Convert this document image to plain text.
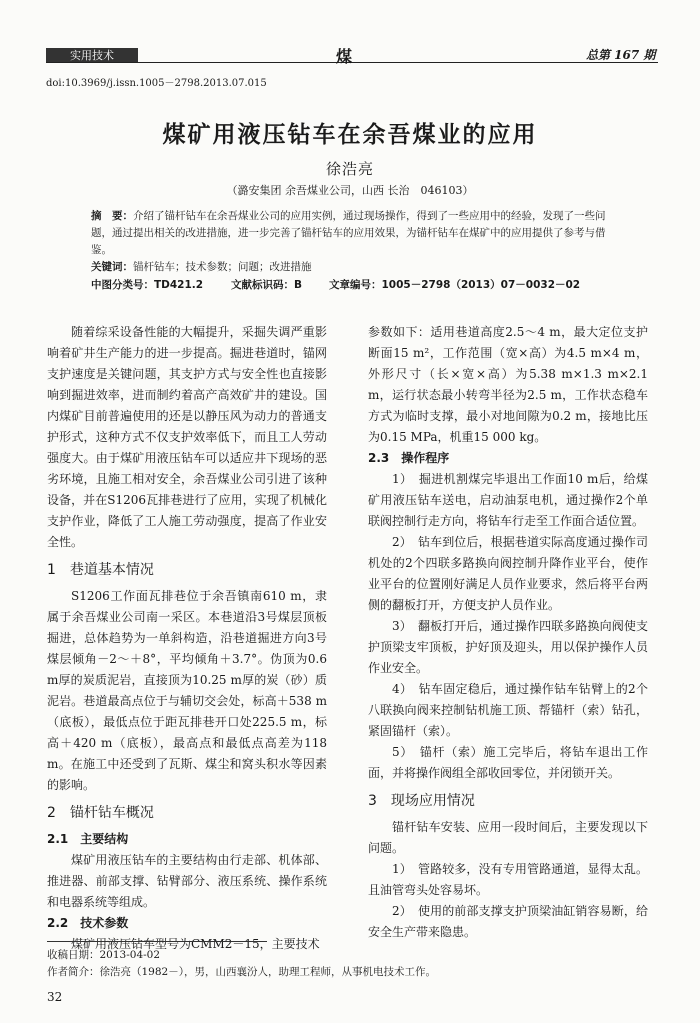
实用技术	煤	总第 167 期
doi:10.3969/j.issn.1005－2798.2013.07.015
煤矿用液压钻车在余吾煤业的应用
徐浩亮
（潞安集团 余吾煤业公司，山西 长治　046103）
摘　要：介绍了锚杆钻车在余吾煤业公司的应用实例，通过现场操作，得到了一些应用中的经验，发现了一些问题，通过提出相关的改进措施，进一步完善了锚杆钻车的应用效果，为锚杆钻车在煤矿中的应用提供了参考与借鉴。
关键词：锚杆钻车；技术参数；问题；改进措施
中图分类号：TD421.2	文献标识码：B	文章编号：1005－2798（2013）07－0032－02

随着综采设备性能的大幅提升，采掘失调严重影响着矿井生产能力的进一步提高。掘进巷道时，锚网支护速度是关键问题，其支护方式与安全性也直接影响到掘进效率，进而制约着高产高效矿井的建设。国内煤矿目前普遍使用的还是以静压风为动力的普通支护形式，这种方式不仅支护效率低下，而且工人劳动强度大。由于煤矿用液压钻车可以适应井下现场的恶劣环境，且施工相对安全，余吾煤业公司引进了该种设备，并在S1206瓦排巷进行了应用，实现了机械化支护作业，降低了工人施工劳动强度，提高了作业安全性。

1　巷道基本情况

S1206工作面瓦排巷位于余吾镇南610 m，隶属于余吾煤业公司南一采区。本巷道沿3号煤层顶板掘进，总体趋势为一单斜构造，沿巷道掘进方向3号煤层倾角－2～＋8°，平均倾角＋3.7°。伪顶为0.6 m厚的炭质泥岩，直接顶为10.25 m厚的炭（砂）质泥岩。巷道最高点位于与辅切交会处，标高＋538 m（底板），最低点位于距瓦排巷开口处225.5 m，标高＋420 m（底板），最高点和最低点高差为118 m。在施工中还受到了瓦斯、煤尘和窝头积水等因素的影响。

2　锚杆钻车概况
2.1　主要结构

煤矿用液压钻车的主要结构由行走部、机体部、推进器、前部支撑、钻臂部分、液压系统、操作系统和电器系统等组成。

2.2　技术参数

煤矿用液压钻车型号为CMM2－15，主要技术

参数如下：适用巷道高度2.5～4 m，最大定位支护断面15 m²，工作范围（宽×高）为4.5 m×4 m，外形尺寸（长×宽×高）为5.38 m×1.3 m×2.1 m，运行状态最小转弯半径为2.5 m，工作状态稳车方式为临时支撑，最小对地间隙为0.2 m，接地比压为0.15 MPa，机重15 000 kg。

2.3　操作程序

1）　掘进机割煤完毕退出工作面10 m后，给煤矿用液压钻车送电，启动油泵电机，通过操作2个单联阀控制行走方向，将钻车行走至工作面合适位置。

2）　钻车到位后，根据巷道实际高度通过操作司机处的2个四联多路换向阀控制升降作业平台，使作业平台的位置刚好满足人员作业要求，然后将平台两侧的翻板打开，方便支护人员作业。

3）　翻板打开后，通过操作四联多路换向阀使支护顶梁支牢顶板，护好顶及迎头，用以保护操作人员作业安全。

4）　钻车固定稳后，通过操作钻车钻臂上的2个八联换向阀来控制钻机施工顶、帮锚杆（索）钻孔，紧固锚杆（索）。

5）　锚杆（索）施工完毕后，将钻车退出工作面，并将操作阀组全部收回零位，并闭锁开关。

3　现场应用情况

锚杆钻车安装、应用一段时间后，主要发现以下问题。

1）　管路较多，没有专用管路通道，显得太乱。且油管弯头处容易坏。

2）　使用的前部支撑支护顶梁油缸销容易断，给安全生产带来隐患。

收稿日期：2013-04-02
作者简介：徐浩亮（1982－），男，山西襄汾人，助理工程师，从事机电技术工作。
32
